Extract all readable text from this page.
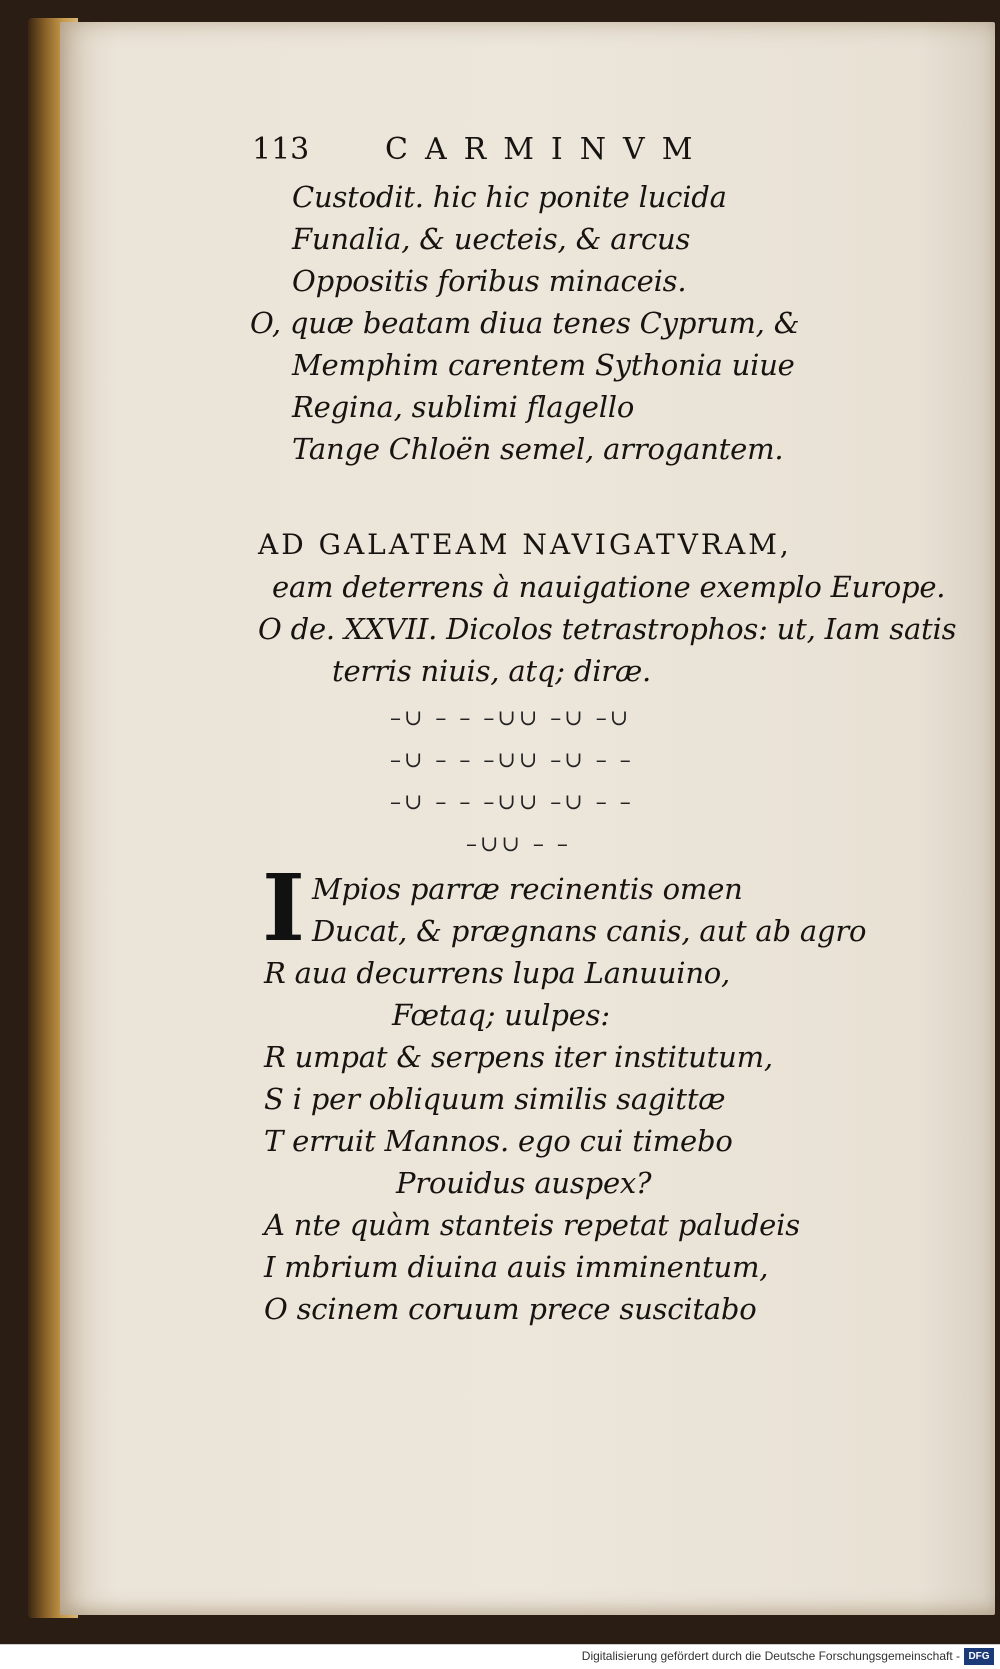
113	CARMINVM
Custodit. hic hic ponite lucida
Funalia, & uecteis, & arcus
Oppositis foribus minaceis.
O, quæ beatam diua tenes Cyprum, &
Memphim carentem Sythonia uiue
Regina, sublimi flagello
Tange Chloën semel, arrogantem.
AD GALATEAM NAVIGATVRAM,
eam deterrens à nauigatione exemplo Europe.
O de. XXVII. Dicolos tetrastrophos: ut, Iam satis
terris niuis, atq; diræ.
–∪ – – –∪∪ –∪ –∪
–∪ – – –∪∪ –∪ – –
–∪ – – –∪∪ –∪ – –
–∪∪ – –
I Mpios parræ recinentis omen
Ducat, & prægnans canis, aut ab agro
R aua decurrens lupa Lanuuino,
Fœtaq; uulpes:
R umpat & serpens iter institutum,
S i per obliquum similis sagittæ
T erruit Mannos. ego cui timebo
Prouidus auspex?
A nte quàm stanteis repetat paludeis
I mbrium diuina auis imminentum,
O scinem coruum prece suscitabo
Digitalisierung gefördert durch die Deutsche Forschungsgemeinschaft - DFG
